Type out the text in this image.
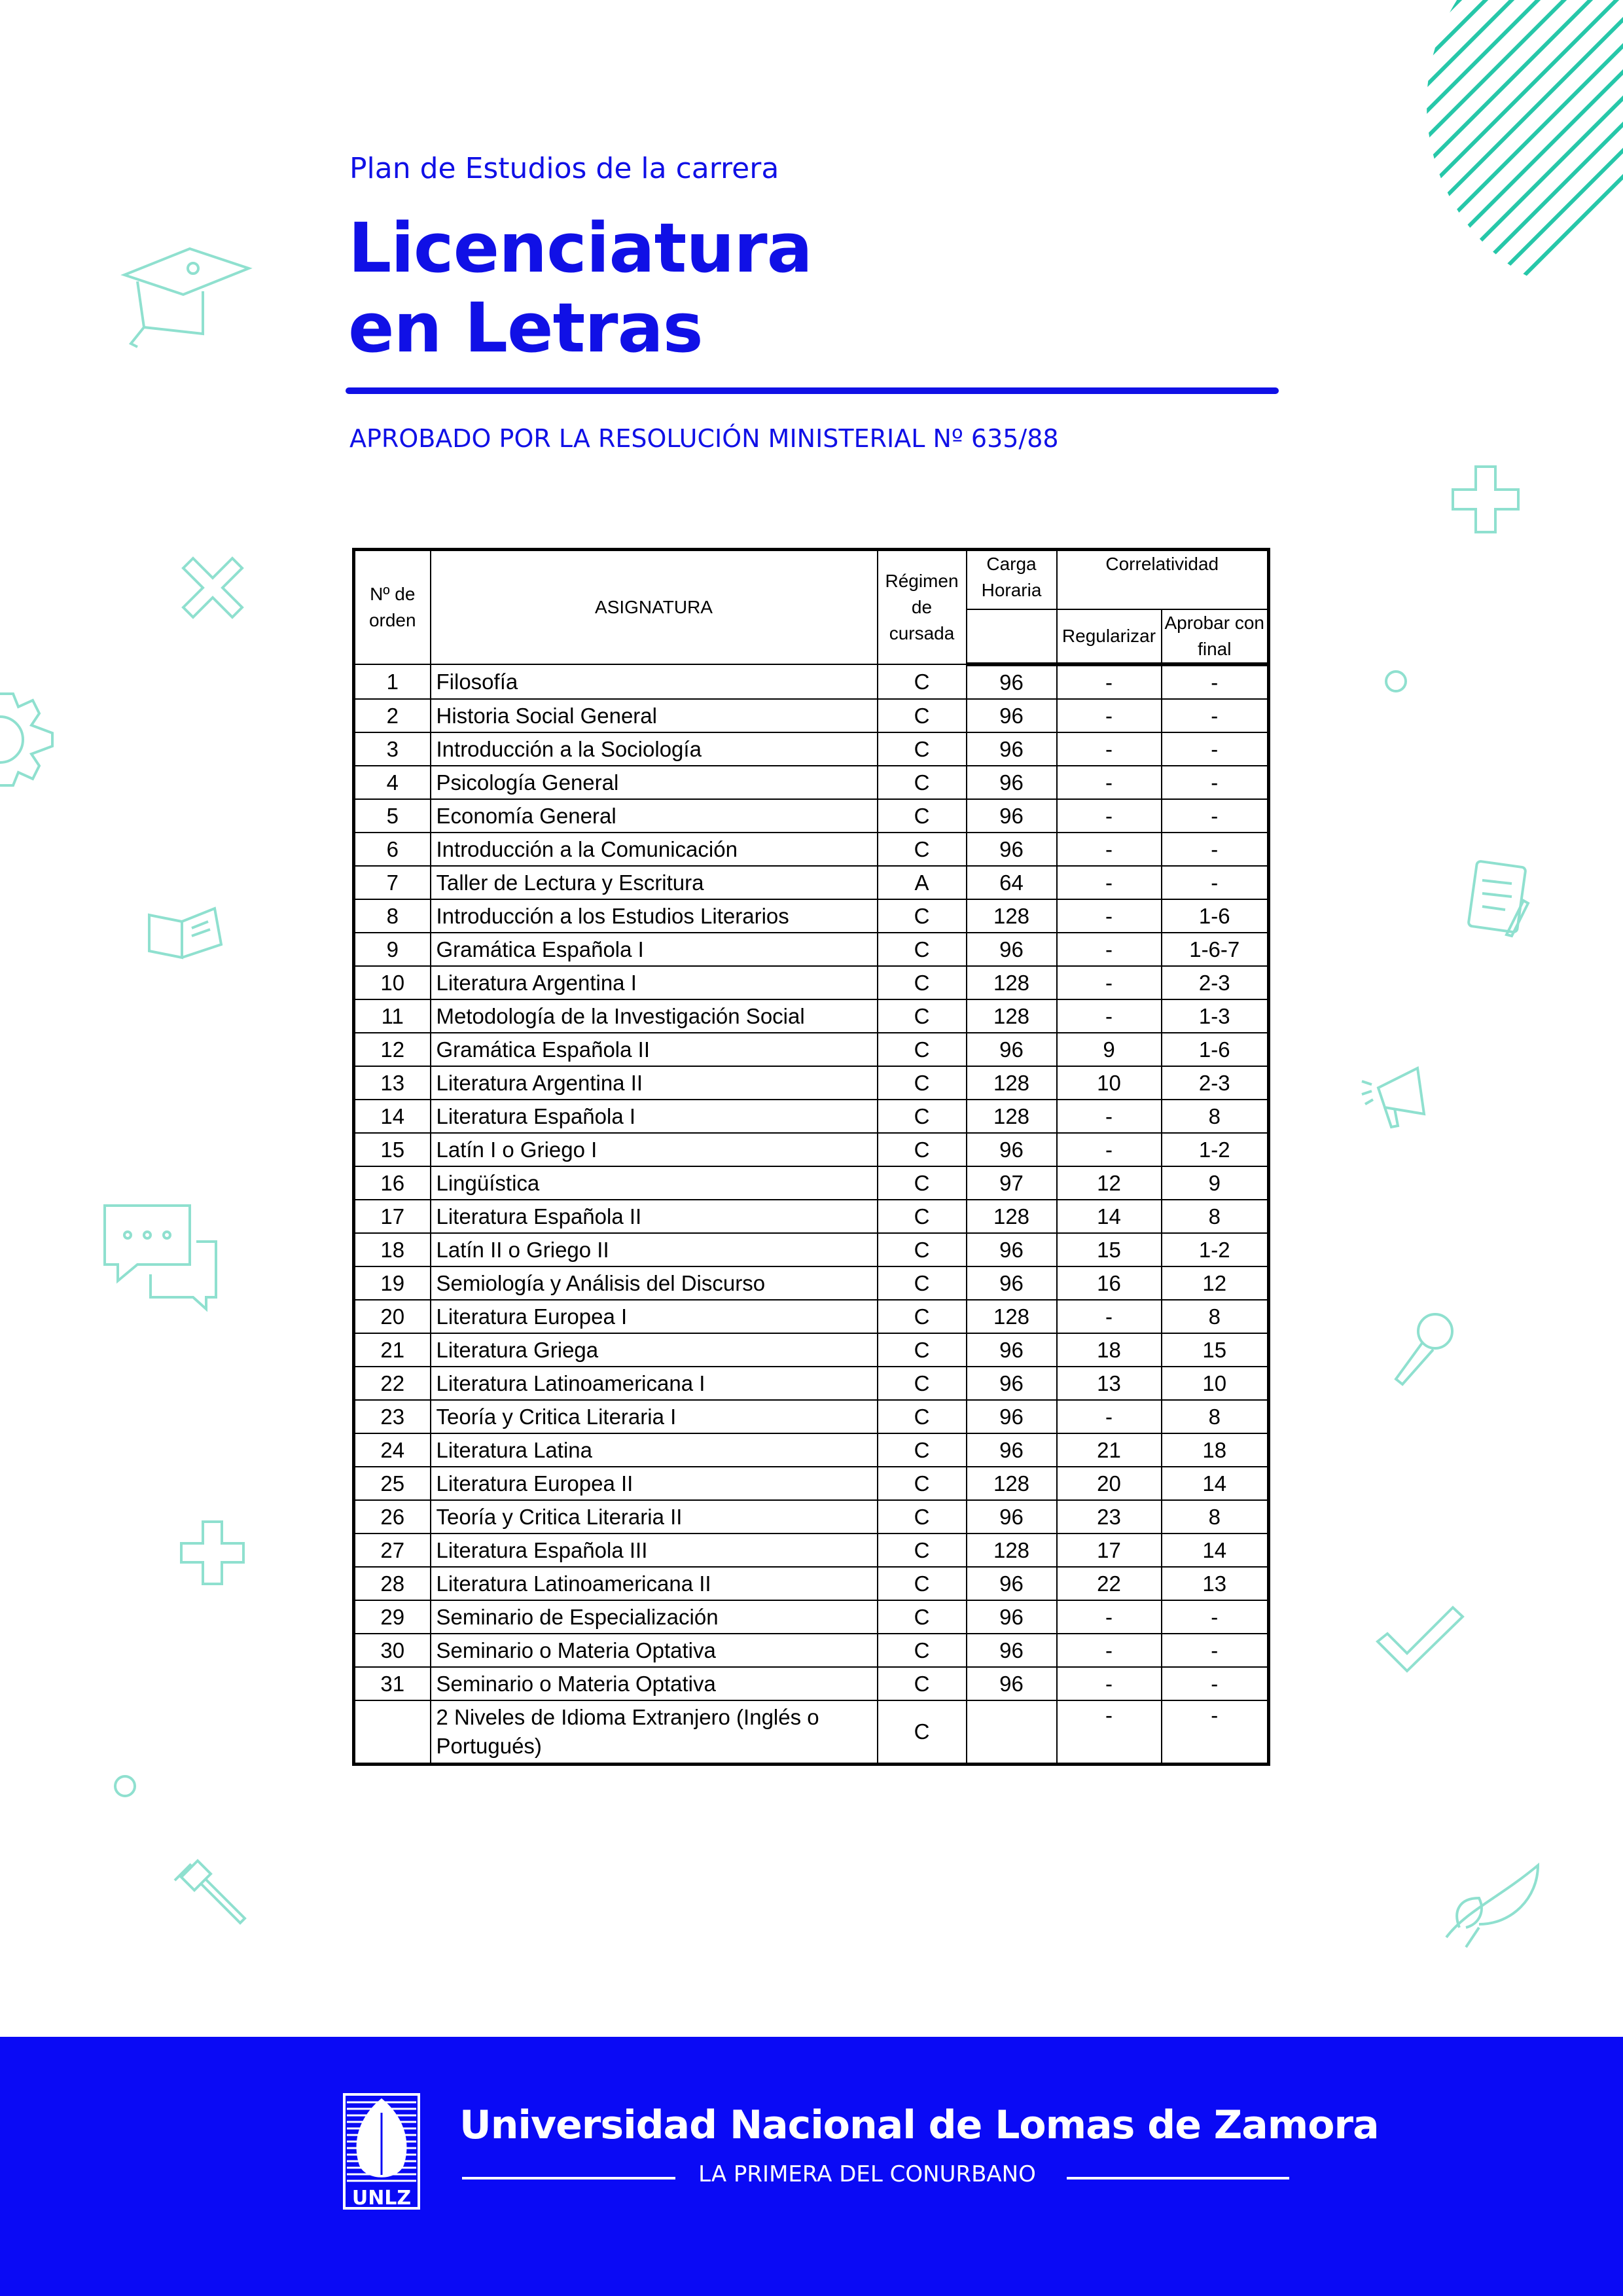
Plan de Estudios de la carrera
Licenciatura
en Letras

APROBADO POR LA RESOLUCIÓN MINISTERIAL Nº 635/88

Nº de orden	ASIGNATURA	Régimen de cursada	Carga Horaria	Correlatividad	
				Regularizar	Aprobar con final
1	Filosofía	C	96	-	-
2	Historia Social General	C	96	-	-
3	Introducción a la Sociología	C	96	-	-
4	Psicología General	C	96	-	-
5	Economía General	C	96	-	-
6	Introducción a la Comunicación	C	96	-	-
7	Taller de Lectura y Escritura	A	64	-	-
8	Introducción a los Estudios Literarios	C	128	-	1-6
9	Gramática Española I	C	96	-	1-6-7
10	Literatura Argentina I	C	128	-	2-3
11	Metodología de la Investigación Social	C	128	-	1-3
12	Gramática Española II	C	96	9	1-6
13	Literatura Argentina II	C	128	10	2-3
14	Literatura Española I	C	128	-	8
15	Latín I o Griego I	C	96	-	1-2
16	Lingüística	C	97	12	9
17	Literatura Española II	C	128	14	8
18	Latín II o Griego II	C	96	15	1-2
19	Semiología y Análisis del Discurso	C	96	16	12
20	Literatura Europea I	C	128	-	8
21	Literatura Griega	C	96	18	15
22	Literatura Latinoamericana I	C	96	13	10
23	Teoría y Critica Literaria I	C	96	-	8
24	Literatura Latina	C	96	21	18
25	Literatura Europea II	C	128	20	14
26	Teoría y Critica Literaria II	C	96	23	8
27	Literatura Española III	C	128	17	14
28	Literatura Latinoamericana II	C	96	22	13
29	Seminario de Especialización	C	96	-	-
30	Seminario o Materia Optativa	C	96	-	-
31	Seminario o Materia Optativa	C	96	-	-
	2 Niveles de Idioma Extranjero (Inglés o Portugués)	C		-	-
UNLZ

Universidad Nacional de Lomas de Zamora

LA PRIMERA DEL CONURBANO
